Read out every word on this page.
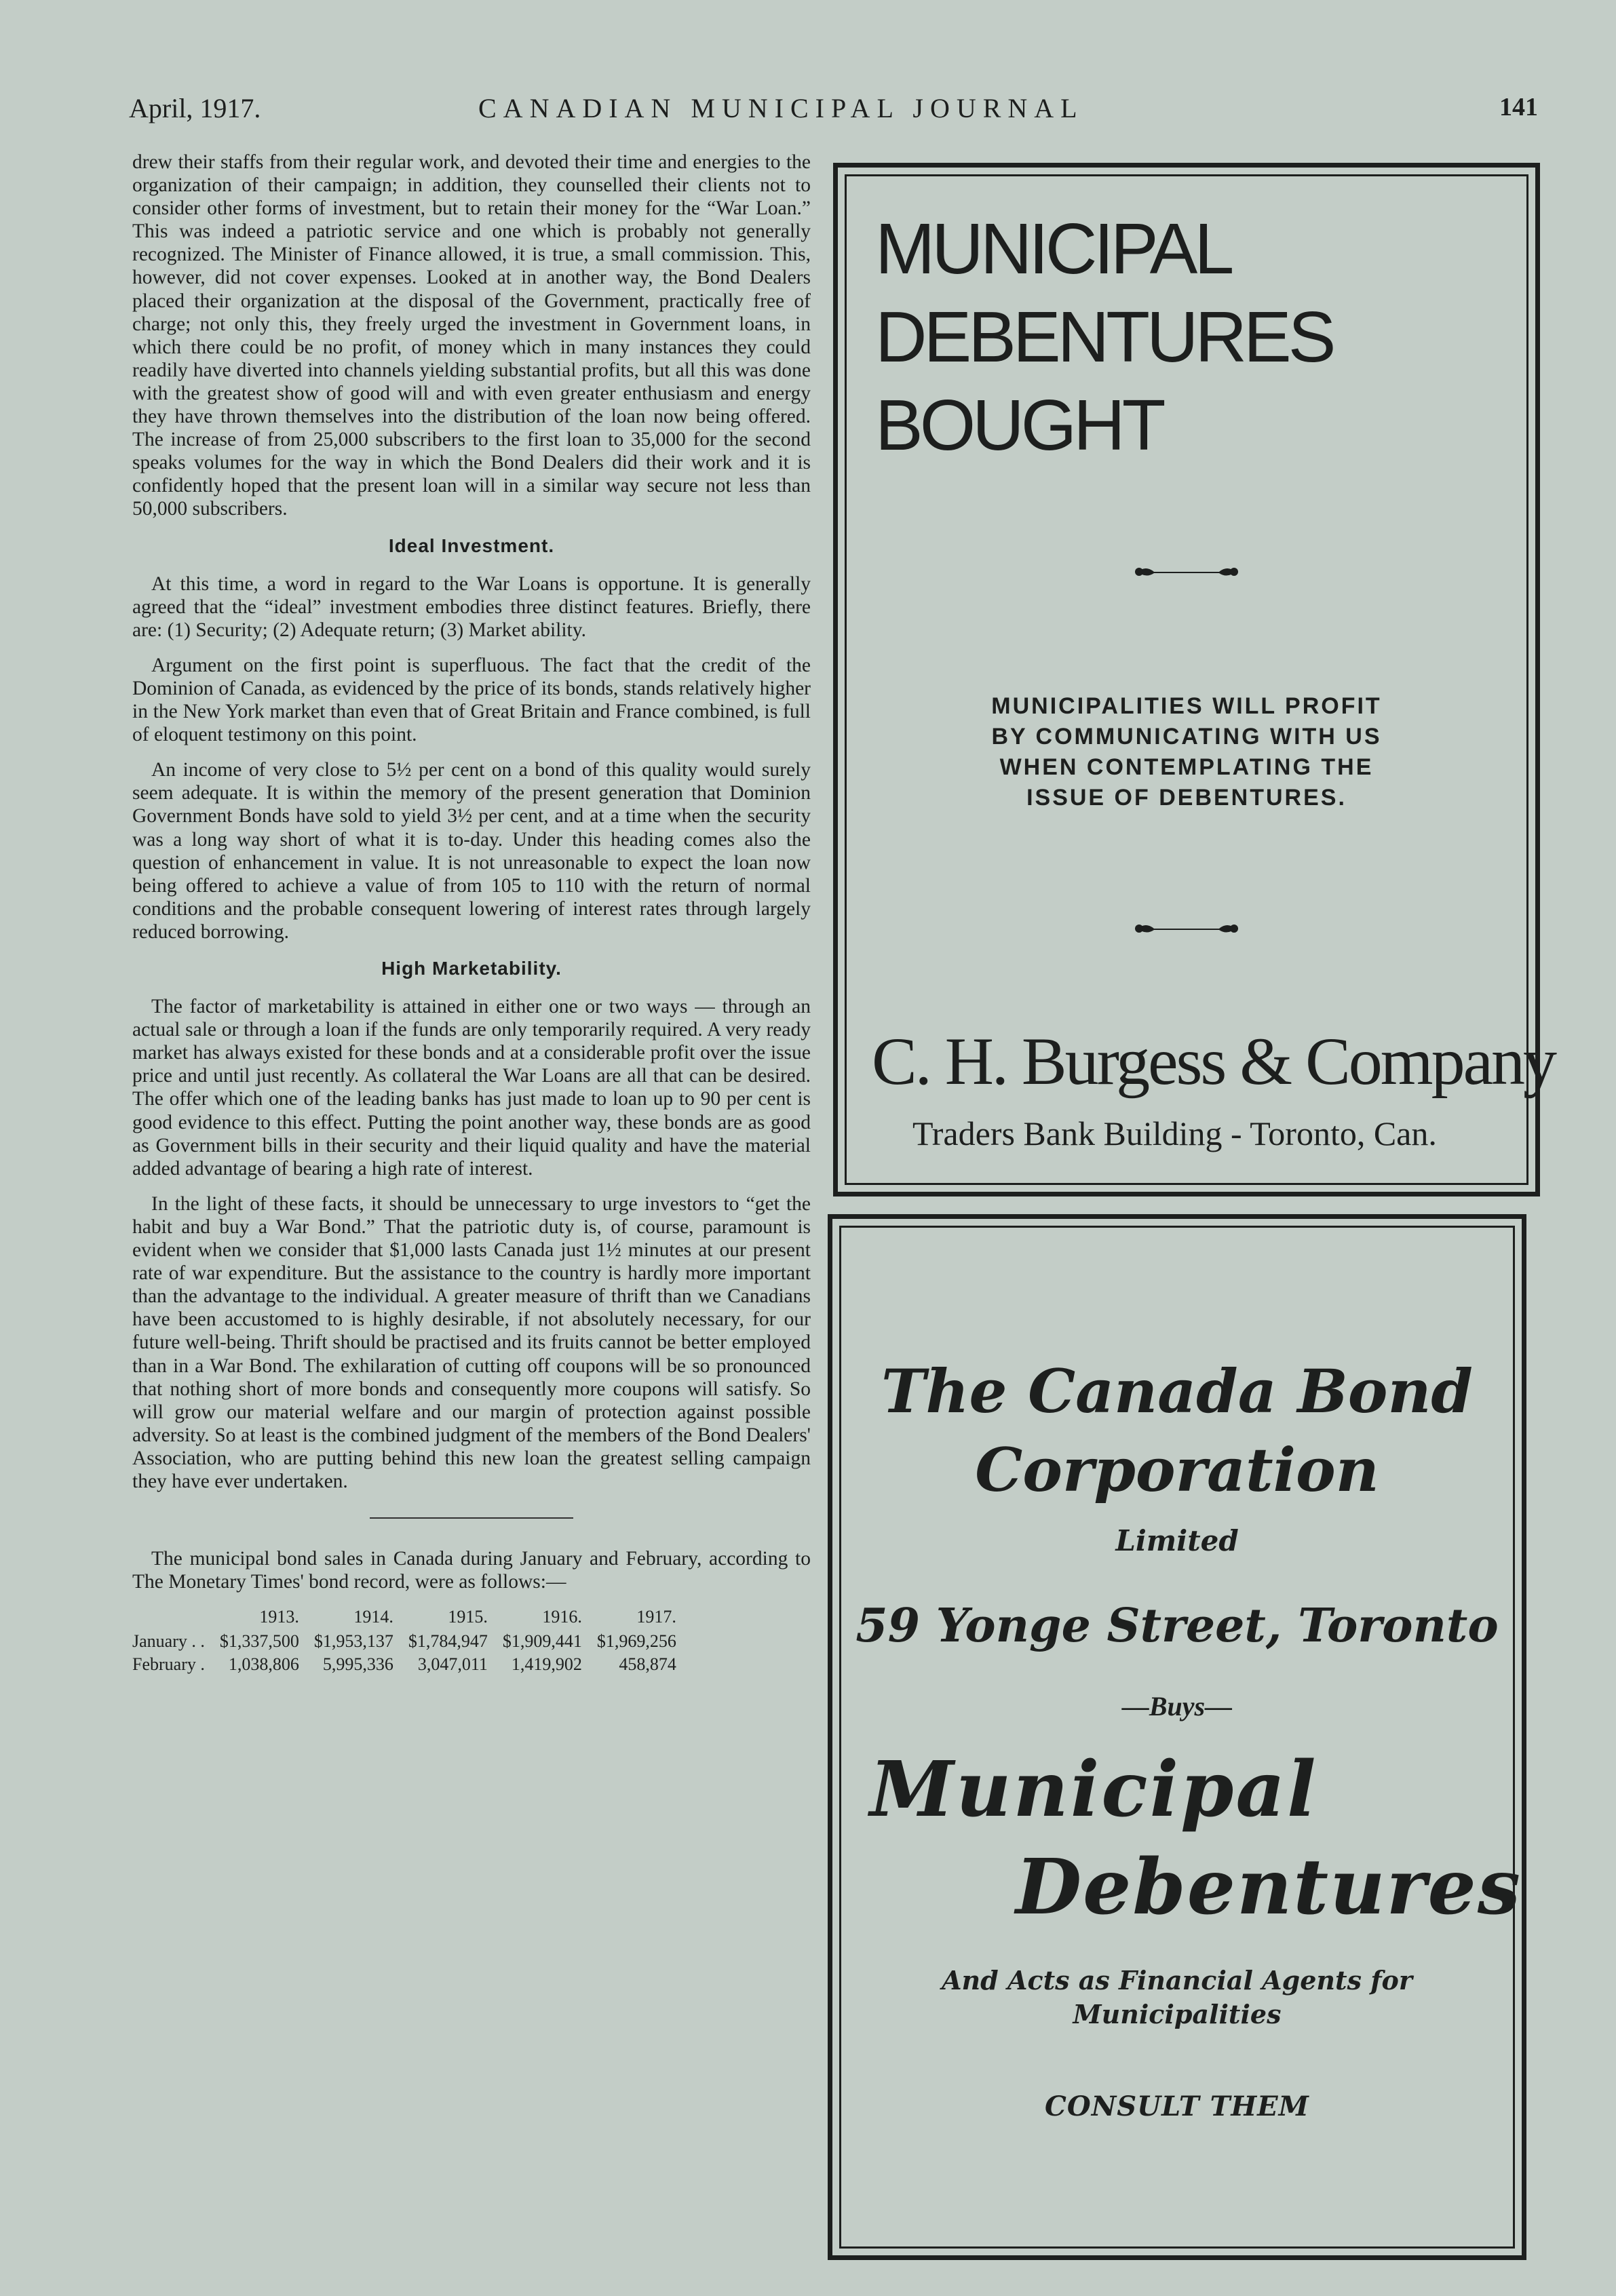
April, 1917.	CANADIAN MUNICIPAL JOURNAL	141

drew their staffs from their regular work, and devoted their time and energies to the organization of their campaign; in addition, they counselled their clients not to consider other forms of investment, but to retain their money for the “War Loan.” This was indeed a patriotic service and one which is probably not generally recognized. The Minister of Finance allowed, it is true, a small commission. This, however, did not cover expenses. Looked at in another way, the Bond Dealers placed their organization at the disposal of the Government, practically free of charge; not only this, they freely urged the investment in Government loans, in which there could be no profit, of money which in many instances they could readily have diverted into channels yielding substantial profits, but all this was done with the greatest show of good will and with even greater enthusiasm and energy they have thrown themselves into the distribution of the loan now being offered. The increase of from 25,000 subscribers to the first loan to 35,000 for the second speaks volumes for the way in which the Bond Dealers did their work and it is confidently hoped that the present loan will in a similar way secure not less than 50,000 subscribers.

Ideal Investment.

At this time, a word in regard to the War Loans is opportune. It is generally agreed that the “ideal” investment embodies three distinct features. Briefly, there are: (1) Security; (2) Adequate return; (3) Market ability.

Argument on the first point is superfluous. The fact that the credit of the Dominion of Canada, as evidenced by the price of its bonds, stands relatively higher in the New York market than even that of Great Britain and France combined, is full of eloquent testimony on this point.

An income of very close to 5½ per cent on a bond of this quality would surely seem adequate. It is within the memory of the present generation that Dominion Government Bonds have sold to yield 3½ per cent, and at a time when the security was a long way short of what it is to-day. Under this heading comes also the question of enhancement in value. It is not unreasonable to expect the loan now being offered to achieve a value of from 105 to 110 with the return of normal conditions and the probable consequent lowering of interest rates through largely reduced borrowing.

High Marketability.

The factor of marketability is attained in either one or two ways — through an actual sale or through a loan if the funds are only temporarily required. A very ready market has always existed for these bonds and at a considerable profit over the issue price and until just recently. As collateral the War Loans are all that can be desired. The offer which one of the leading banks has just made to loan up to 90 per cent is good evidence to this effect. Putting the point another way, these bonds are as good as Government bills in their security and their liquid quality and have the material added advantage of bearing a high rate of interest.

In the light of these facts, it should be unnecessary to urge investors to “get the habit and buy a War Bond.” That the patriotic duty is, of course, paramount is evident when we consider that $1,000 lasts Canada just 1½ minutes at our present rate of war expenditure. But the assistance to the country is hardly more important than the advantage to the individual. A greater measure of thrift than we Canadians have been accustomed to is highly desirable, if not absolutely necessary, for our future well-being. Thrift should be practised and its fruits cannot be better employed than in a War Bond. The exhilaration of cutting off coupons will be so pronounced that nothing short of more bonds and consequently more coupons will satisfy. So will grow our material welfare and our margin of protection against possible adversity. So at least is the combined judgment of the members of the Bond Dealers' Association, who are putting behind this new loan the greatest selling campaign they have ever undertaken.

The municipal bond sales in Canada during January and February, according to The Monetary Times' bond record, were as follows:—

	1913.	1914.	1915.	1916.	1917.
January . .	$1,337,500	$1,953,137	$1,784,947	$1,909,441	$1,969,256
February .	1,038,806	5,995,336	3,047,011	1,419,902	458,874
MUNICIPAL
DEBENTURES
BOUGHT
MUNICIPALITIES WILL PROFIT
BY COMMUNICATING WITH US
WHEN CONTEMPLATING THE
ISSUE OF DEBENTURES.
C. H. Burgess & Company
Traders Bank Building - Toronto, Can.
The Canada Bond
Corporation
Limited
59 Yonge Street, Toronto
—Buys—
Municipal
Debentures
And Acts as Financial Agents for
Municipalities
CONSULT THEM
